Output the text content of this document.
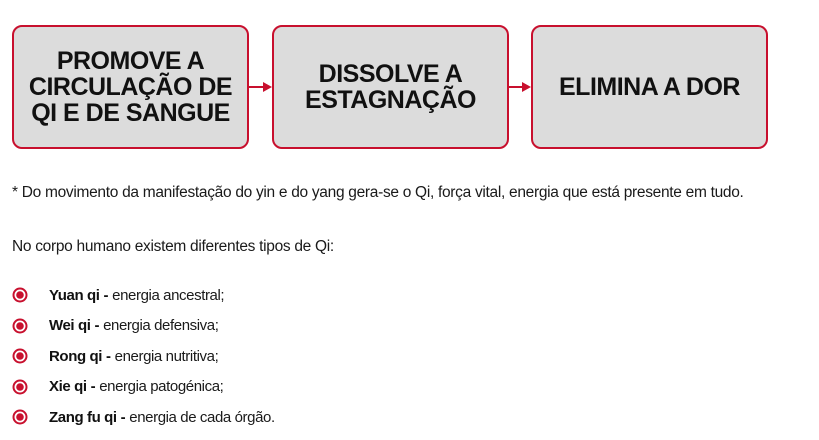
PROMOVE A
CIRCULAÇÃO DE
QI E DE SANGUE
DISSOLVE A
ESTAGNAÇÃO	ELIMINA A DOR
* Do movimento da manifestação do yin e do yang gera-se o Qi, força vital, energia que está presente em tudo.
No corpo humano existem diferentes tipos de Qi:
Yuan qi - energia ancestral;
Wei qi - energia defensiva;
Rong qi - energia nutritiva;
Xie qi - energia patogénica;
Zang fu qi - energia de cada órgão.
